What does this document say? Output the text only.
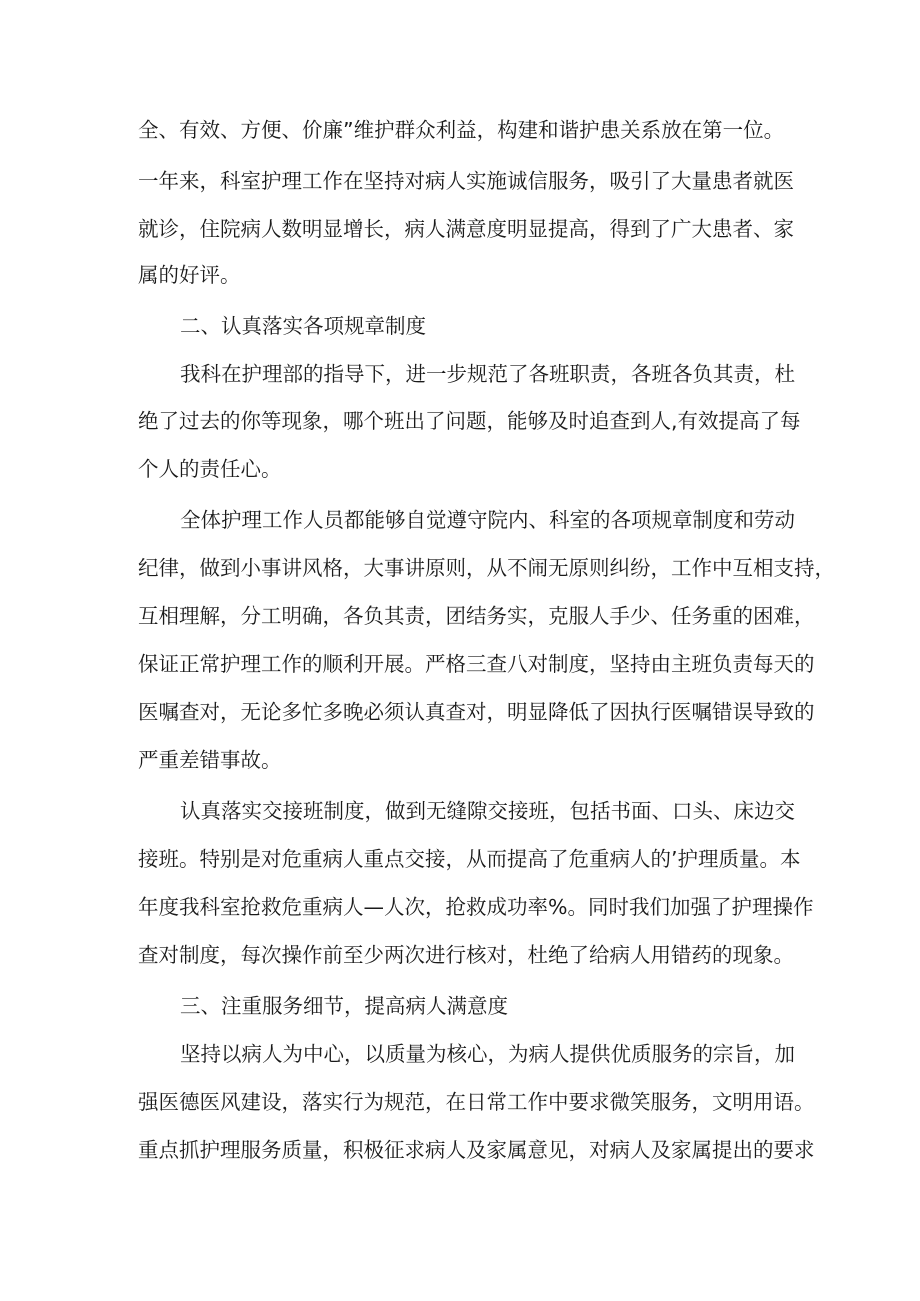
全、有效、方便、价廉”维护群众利益，构建和谐护患关系放在第一位。
一年来，科室护理工作在坚持对病人实施诚信服务，吸引了大量患者就医
就诊，住院病人数明显增长，病人满意度明显提高，得到了广大患者、家
属的好评。
二、认真落实各项规章制度
我科在护理部的指导下，进一步规范了各班职责，各班各负其责，杜
绝了过去的你等现象，哪个班出了问题，能够及时追查到人,有效提高了每
个人的责任心。
全体护理工作人员都能够自觉遵守院内、科室的各项规章制度和劳动
纪律，做到小事讲风格，大事讲原则，从不闹无原则纠纷，工作中互相支持，
互相理解，分工明确，各负其责，团结务实，克服人手少、任务重的困难，
保证正常护理工作的顺利开展。严格三查八对制度，坚持由主班负责每天的
医嘱查对，无论多忙多晚必须认真查对，明显降低了因执行医嘱错误导致的
严重差错事故。
认真落实交接班制度，做到无缝隙交接班，包括书面、口头、床边交
接班。特别是对危重病人重点交接，从而提高了危重病人的’护理质量。本
年度我科室抢救危重病人—人次，抢救成功率%。同时我们加强了护理操作
查对制度，每次操作前至少两次进行核对，杜绝了给病人用错药的现象。
三、注重服务细节，提高病人满意度
坚持以病人为中心，以质量为核心，为病人提供优质服务的宗旨，加
强医德医风建设，落实行为规范，在日常工作中要求微笑服务，文明用语。
重点抓护理服务质量，积极征求病人及家属意见，对病人及家属提出的要求
